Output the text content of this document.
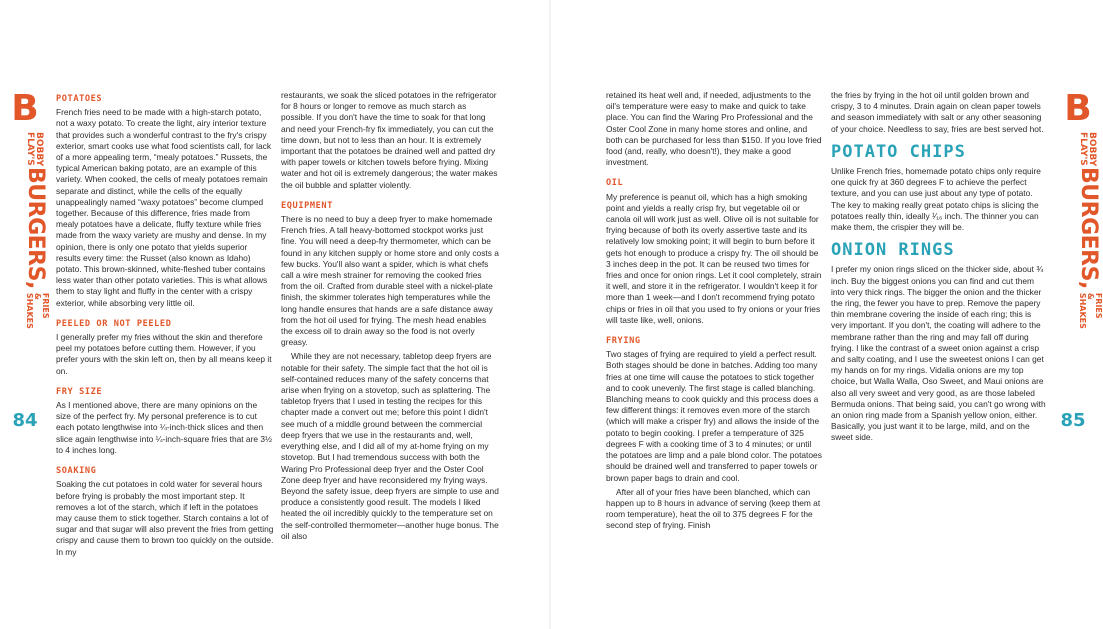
B
BOBBY FLAY'S
BURGERS,
FRIES & SHAKES
84
B
BOBBY FLAY'S
BURGERS,
FRIES & SHAKES
85
POTATOES

French fries need to be made with a high-starch potato, not a waxy potato. To create the light, airy interior texture that provides such a wonderful contrast to the fry's crispy exterior, smart cooks use what food scientists call, for lack of a more appealing term, “mealy potatoes.” Russets, the typical American baking potato, are an example of this variety. When cooked, the cells of mealy potatoes remain separate and distinct, while the cells of the equally unappealingly named “waxy potatoes” become clumped together. Because of this difference, fries made from mealy potatoes have a delicate, fluffy texture while fries made from the waxy variety are mushy and dense. In my opinion, there is only one potato that yields superior results every time: the Russet (also known as Idaho) potato. This brown-skinned, white-fleshed tuber contains less water than other potato varieties. This is what allows them to stay light and fluffy in the center with a crispy exterior, while absorbing very little oil.

PEELED OR NOT PEELED

I generally prefer my fries without the skin and therefore peel my potatoes before cutting them. However, if you prefer yours with the skin left on, then by all means keep it on.

FRY SIZE

As I mentioned above, there are many opinions on the size of the perfect fry. My personal preference is to cut each potato lengthwise into ¼-inch-thick slices and then slice again lengthwise into ¼-inch-square fries that are 3½ to 4 inches long.

SOAKING

Soaking the cut potatoes in cold water for several hours before frying is probably the most important step. It removes a lot of the starch, which if left in the potatoes may cause them to stick together. Starch contains a lot of sugar and that sugar will also prevent the fries from getting crispy and cause them to brown too quickly on the outside. In my

restaurants, we soak the sliced potatoes in the refrigerator for 8 hours or longer to remove as much starch as possible. If you don't have the time to soak for that long and need your French-fry fix immediately, you can cut the time down, but not to less than an hour. It is extremely important that the potatoes be drained well and patted dry with paper towels or kitchen towels before frying. Mixing water and hot oil is extremely dangerous; the water makes the oil bubble and splatter violently.

EQUIPMENT

There is no need to buy a deep fryer to make homemade French fries. A tall heavy-bottomed stockpot works just fine. You will need a deep-fry thermometer, which can be found in any kitchen supply or home store and only costs a few bucks. You'll also want a spider, which is what chefs call a wire mesh strainer for removing the cooked fries from the oil. Crafted from durable steel with a nickel-plate finish, the skimmer tolerates high temperatures while the long handle ensures that hands are a safe distance away from the hot oil used for frying. The mesh head enables the excess oil to drain away so the food is not overly greasy.

While they are not necessary, tabletop deep fryers are notable for their safety. The simple fact that the hot oil is self-contained reduces many of the safety concerns that arise when frying on a stovetop, such as splattering. The tabletop fryers that I used in testing the recipes for this chapter made a convert out me; before this point I didn't see much of a middle ground between the commercial deep fryers that we use in the restaurants and, well, everything else, and I did all of my at-home frying on my stovetop. But I had tremendous success with both the Waring Pro Professional deep fryer and the Oster Cool Zone deep fryer and have reconsidered my frying ways. Beyond the safety issue, deep fryers are simple to use and produce a consistently good result. The models I liked heated the oil incredibly quickly to the temperature set on the self-controlled thermometer—another huge bonus. The oil also

retained its heat well and, if needed, adjustments to the oil's temperature were easy to make and quick to take place. You can find the Waring Pro Professional and the Oster Cool Zone in many home stores and online, and both can be purchased for less than $150. If you love fried food (and, really, who doesn't!), they make a good investment.

OIL

My preference is peanut oil, which has a high smoking point and yields a really crisp fry, but vegetable oil or canola oil will work just as well. Olive oil is not suitable for frying because of both its overly assertive taste and its relatively low smoking point; it will begin to burn before it gets hot enough to produce a crispy fry. The oil should be 3 inches deep in the pot. It can be reused two times for fries and once for onion rings. Let it cool completely, strain it well, and store it in the refrigerator. I wouldn't keep it for more than 1 week—and I don't recommend frying potato chips or fries in oil that you used to fry onions or your fries will taste like, well, onions.

FRYING

Two stages of frying are required to yield a perfect result. Both stages should be done in batches. Adding too many fries at one time will cause the potatoes to stick together and to cook unevenly. The first stage is called blanching. Blanching means to cook quickly and this process does a few different things: it removes even more of the starch (which will make a crisper fry) and allows the inside of the potato to begin cooking. I prefer a temperature of 325 degrees F with a cooking time of 3 to 4 minutes; or until the potatoes are limp and a pale blond color. The potatoes should be drained well and transferred to paper towels or brown paper bags to drain and cool.

After all of your fries have been blanched, which can happen up to 8 hours in advance of serving (keep them at room temperature), heat the oil to 375 degrees F for the second step of frying. Finish

the fries by frying in the hot oil until golden brown and crispy, 3 to 4 minutes. Drain again on clean paper towels and season immediately with salt or any other seasoning of your choice. Needless to say, fries are best served hot.

POTATO CHIPS

Unlike French fries, homemade potato chips only require one quick fry at 360 degrees F to achieve the perfect texture, and you can use just about any type of potato. The key to making really great potato chips is slicing the potatoes really thin, ideally ¹⁄₁₆ inch. The thinner you can make them, the crispier they will be.

ONION RINGS

I prefer my onion rings sliced on the thicker side, about ¾ inch. Buy the biggest onions you can find and cut them into very thick rings. The bigger the onion and the thicker the ring, the fewer you have to prep. Remove the papery thin membrane covering the inside of each ring; this is very important. If you don't, the coating will adhere to the membrane rather than the ring and may fall off during frying. I like the contrast of a sweet onion against a crisp and salty coating, and I use the sweetest onions I can get my hands on for my rings. Vidalia onions are my top choice, but Walla Walla, Oso Sweet, and Maui onions are also all very sweet and very good, as are those labeled Bermuda onions. That being said, you can't go wrong with an onion ring made from a Spanish yellow onion, either. Basically, you just want it to be large, mild, and on the sweet side.
